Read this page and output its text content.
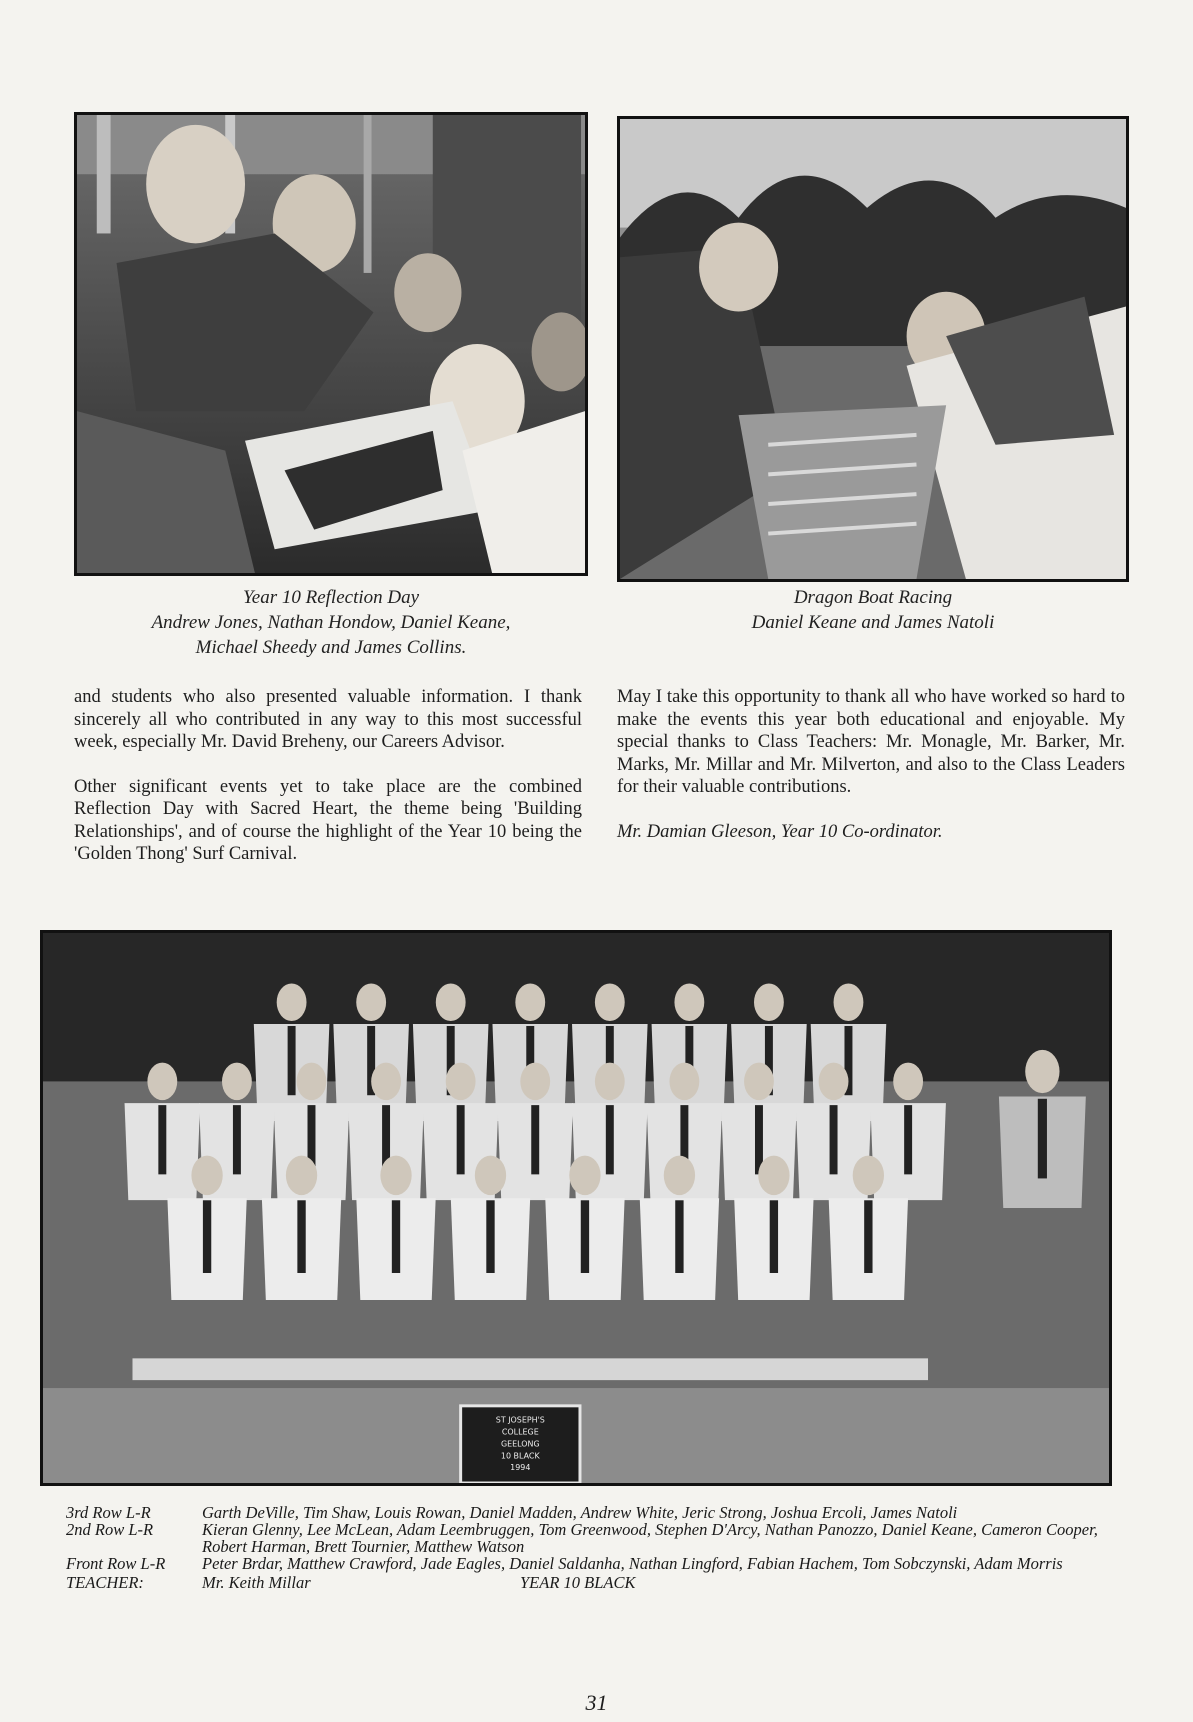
Year 10 Reflection Day
Andrew Jones, Nathan Hondow, Daniel Keane,
Michael Sheedy and James Collins.
Dragon Boat Racing
Daniel Keane and James Natoli

and students who also presented valuable information. I thank sincerely all who contributed in any way to this most successful week, especially Mr. David Breheny, our Careers Advisor.

Other significant events yet to take place are the combined Reflection Day with Sacred Heart, the theme being 'Building Relationships', and of course the highlight of the Year 10 being the 'Golden Thong' Surf Carnival.

May I take this opportunity to thank all who have worked so hard to make the events this year both educational and enjoyable. My special thanks to Class Teachers: Mr. Monagle, Mr. Barker, Mr. Marks, Mr. Millar and Mr. Milverton, and also to the Class Leaders for their valuable contributions.

Mr. Damian Gleeson, Year 10 Co-ordinator.

ST JOSEPH'S
COLLEGE
GEELONG
10 BLACK
1994
3rd Row L-R	Garth DeVille, Tim Shaw, Louis Rowan, Daniel Madden, Andrew White, Jeric Strong, Joshua Ercoli, James Natoli
2nd Row L-R	Kieran Glenny, Lee McLean, Adam Leembruggen, Tom Greenwood, Stephen D'Arcy, Nathan Panozzo, Daniel Keane, Cameron Cooper, Robert Harman, Brett Tournier, Matthew Watson
Front Row L-R	Peter Brdar, Matthew Crawford, Jade Eagles, Daniel Saldanha, Nathan Lingford, Fabian Hachem, Tom Sobczynski, Adam Morris
TEACHER:	Mr. Keith Millar	YEAR 10 BLACK
31
